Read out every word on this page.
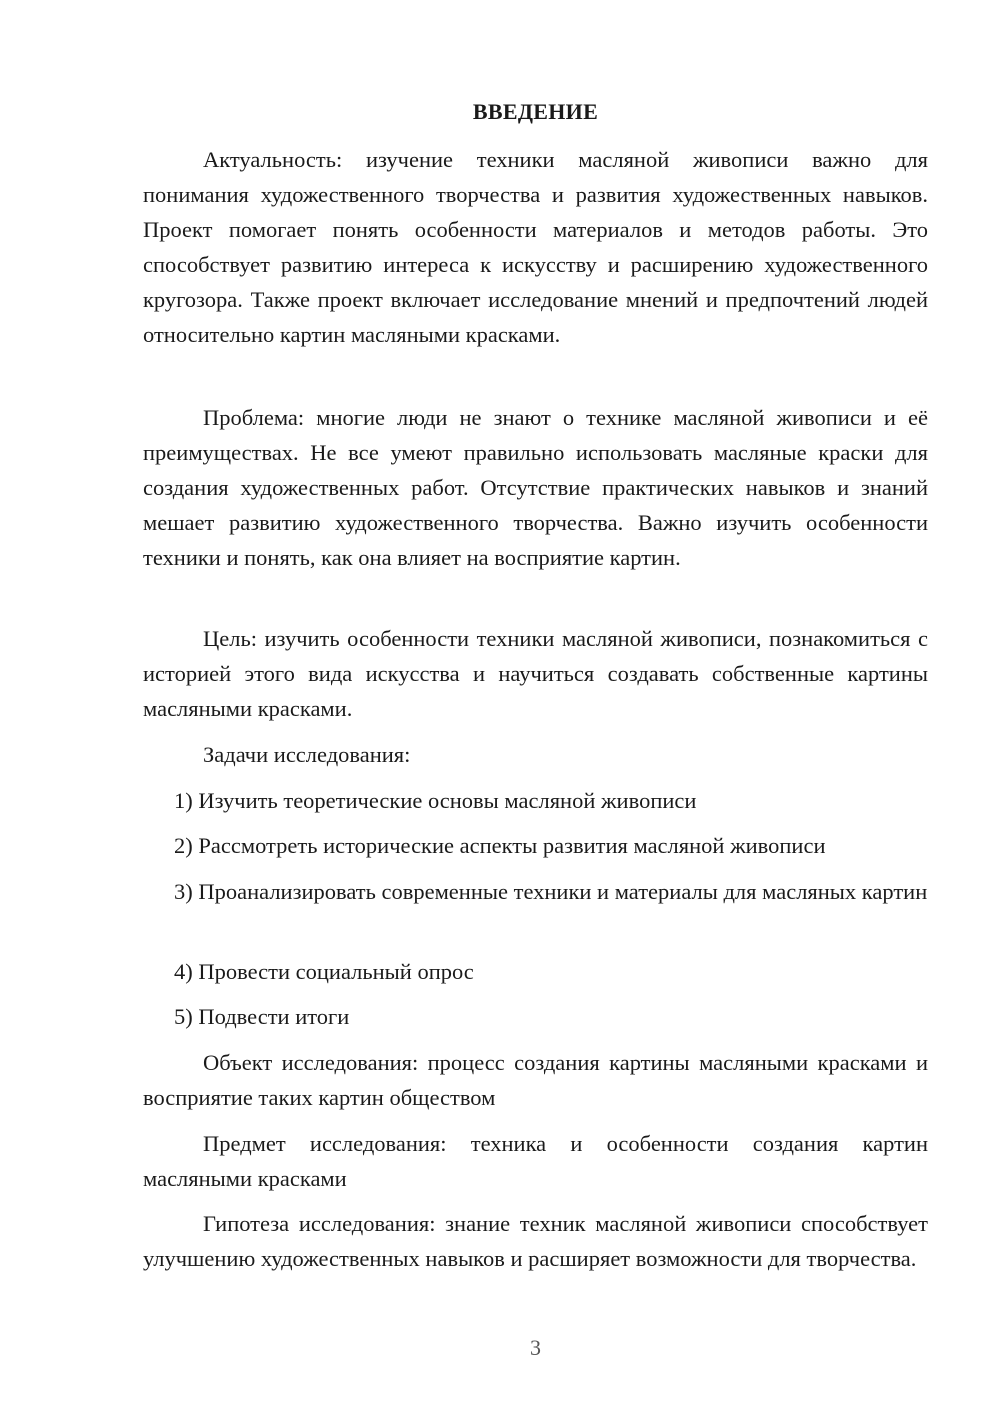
ВВЕДЕНИЕ

Актуальность: изучение техники масляной живописи важно для понимания художественного творчества и развития художественных навыков. Проект помогает понять особенности материалов и методов работы. Это способствует развитию интереса к искусству и расширению художественного кругозора. Также проект включает исследование мнений и предпочтений людей относительно картин масляными красками.

Проблема: многие люди не знают о технике масляной живописи и её преимуществах. Не все умеют правильно использовать масляные краски для создания художественных работ. Отсутствие практических навыков и знаний мешает развитию художественного творчества. Важно изучить особенности техники и понять, как она влияет на восприятие картин.

Цель: изучить особенности техники масляной живописи, познакомиться с историей этого вида искусства и научиться создавать собственные картины масляными красками.

Задачи исследования:

1) Изучить теоретические основы масляной живописи

2) Рассмотреть исторические аспекты развития масляной живописи

3) Проанализировать современные техники и материалы для масляных картин

4) Провести социальный опрос

5) Подвести итоги

Объект исследования: процесс создания картины масляными красками и восприятие таких картин обществом

Предмет исследования: техника и особенности создания картин масляными красками

Гипотеза исследования: знание техник масляной живописи способствует улучшению художественных навыков и расширяет возможности для творчества.

3
